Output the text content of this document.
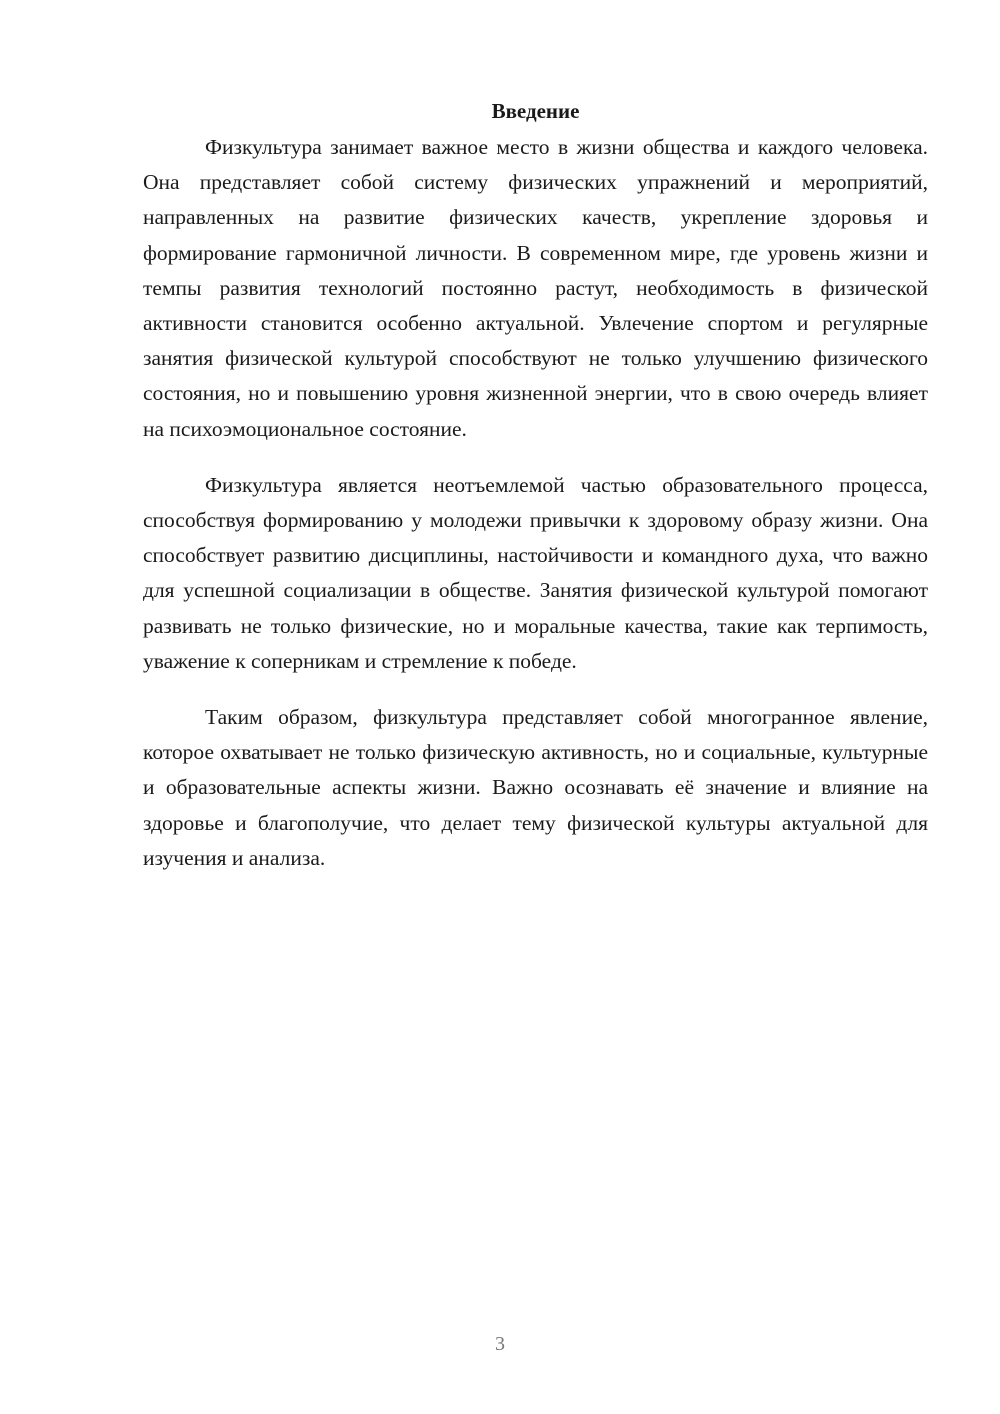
Введение

Физкультура занимает важное место в жизни общества и каждого человека. Она представляет собой систему физических упражнений и мероприятий, направленных на развитие физических качеств, укрепление здоровья и формирование гармоничной личности. В современном мире, где уровень жизни и темпы развития технологий постоянно растут, необходимость в физической активности становится особенно актуальной. Увлечение спортом и регулярные занятия физической культурой способствуют не только улучшению физического состояния, но и повышению уровня жизненной энергии, что в свою очередь влияет на психоэмоциональное состояние.

Физкультура является неотъемлемой частью образовательного процесса, способствуя формированию у молодежи привычки к здоровому образу жизни. Она способствует развитию дисциплины, настойчивости и командного духа, что важно для успешной социализации в обществе. Занятия физической культурой помогают развивать не только физические, но и моральные качества, такие как терпимость, уважение к соперникам и стремление к победе.

Таким образом, физкультура представляет собой многогранное явление, которое охватывает не только физическую активность, но и социальные, культурные и образовательные аспекты жизни. Важно осознавать её значение и влияние на здоровье и благополучие, что делает тему физической культуры актуальной для изучения и анализа.

3
